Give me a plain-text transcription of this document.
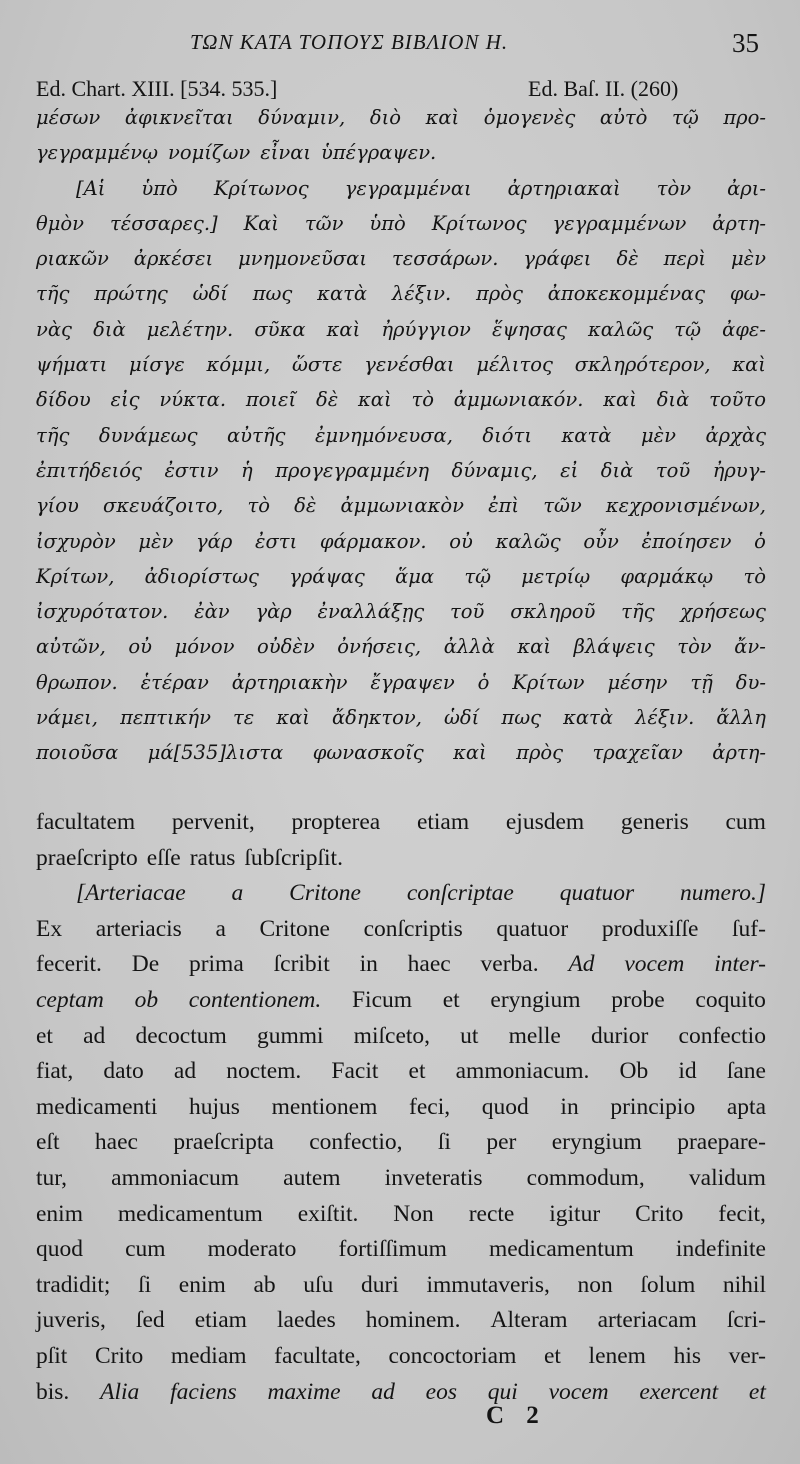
ΤΩΝ ΚΑΤΑ ΤΟΠΟΥΣ ΒΙΒΛΙΟΝ Η.	35
Ed. Chart. XIII. [534. 535.]	Ed. Baſ. II. (260)
μέσων ἀφικνεῖται δύναμιν, διὸ καὶ ὁμογενὲς αὐτὸ τῷ προ-
γεγραμμένῳ νομίζων εἶναι ὑπέγραψεν.
[Αἱ ὑπὸ Κρίτωνος γεγραμμέναι ἀρτηριακαὶ τὸν ἀρι-
θμὸν τέσσαρες.] Καὶ τῶν ὑπὸ Κρίτωνος γεγραμμένων ἀρτη-
ριακῶν ἀρκέσει μνημονεῦσαι τεσσάρων. γράφει δὲ περὶ μὲν
τῆς πρώτης ὡδί πως κατὰ λέξιν. πρὸς ἀποκεκομμένας φω-
νὰς διὰ μελέτην. σῦκα καὶ ἠρύγγιον ἕψησας καλῶς τῷ ἀφε-
ψήματι μίσγε κόμμι, ὥστε γενέσθαι μέλιτος σκληρότερον, καὶ
δίδου εἰς νύκτα. ποιεῖ δὲ καὶ τὸ ἀμμωνιακόν. καὶ διὰ τοῦτο
τῆς δυνάμεως αὐτῆς ἐμνημόνευσα, διότι κατὰ μὲν ἀρχὰς
ἐπιτήδειός ἐστιν ἡ προγεγραμμένη δύναμις, εἰ διὰ τοῦ ἠρυγ-
γίου σκευάζοιτο, τὸ δὲ ἀμμωνιακὸν ἐπὶ τῶν κεχρονισμένων,
ἰσχυρὸν μὲν γάρ ἐστι φάρμακον. οὐ καλῶς οὖν ἐποίησεν ὁ
Κρίτων, ἀδιορίστως γράψας ἅμα τῷ μετρίῳ φαρμάκῳ τὸ
ἰσχυρότατον. ἐὰν γὰρ ἐναλλάξῃς τοῦ σκληροῦ τῆς χρήσεως
αὐτῶν, οὐ μόνον οὐδὲν ὀνήσεις, ἀλλὰ καὶ βλάψεις τὸν ἄν-
θρωπον. ἑτέραν ἀρτηριακὴν ἔγραψεν ὁ Κρίτων μέσην τῇ δυ-
νάμει, πεπτικήν τε καὶ ἄδηκτον, ὡδί πως κατὰ λέξιν. ἄλλη
ποιοῦσα μά[535]λιστα φωνασκοῖς καὶ πρὸς τραχεῖαν ἀρτη-
facultatem pervenit, propterea etiam ejusdem generis cum
praeſcripto eſſe ratus ſubſcripſit.
[Arteriacae a Critone conſcriptae quatuor numero.]
Ex arteriacis a Critone conſcriptis quatuor produxiſſe ſuf-
fecerit. De prima ſcribit in haec verba. Ad vocem inter-
ceptam ob contentionem. Ficum et eryngium probe coquito
et ad decoctum gummi miſceto, ut melle durior confectio
fiat, dato ad noctem. Facit et ammoniacum. Ob id ſane
medicamenti hujus mentionem feci, quod in principio apta
eſt haec praeſcripta confectio, ſi per eryngium praepare-
tur, ammoniacum autem inveteratis commodum, validum
enim medicamentum exiſtit. Non recte igitur Crito fecit,
quod cum moderato fortiſſimum medicamentum indefinite
tradidit; ſi enim ab uſu duri immutaveris, non ſolum nihil
juveris, ſed etiam laedes hominem. Alteram arteriacam ſcri-
pſit Crito mediam facultate, concoctoriam et lenem his ver-
bis. Alia faciens maxime ad eos qui vocem exercent et
C 2
